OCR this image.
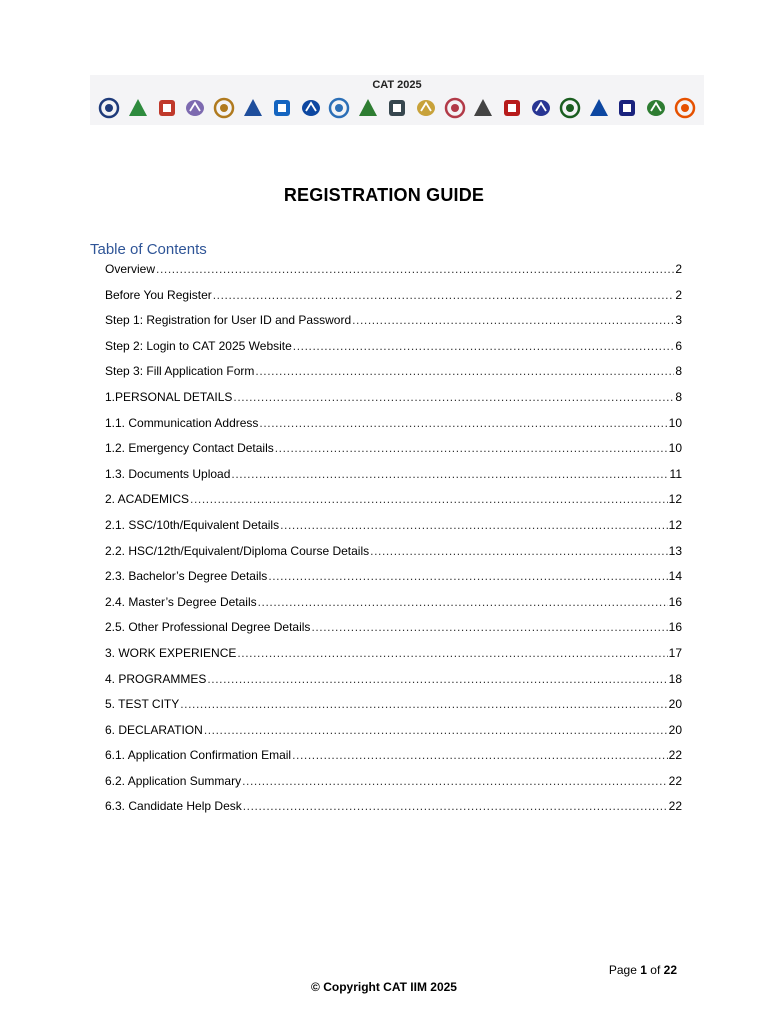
CAT 2025
REGISTRATION GUIDE
Table of Contents
Overview .....	2
Before You Register .....	2
Step 1: Registration for User ID and Password .....	3
Step 2: Login to CAT 2025 Website .....	6
Step 3: Fill Application Form .....	8
1.PERSONAL DETAILS .....	8
1.1. Communication Address .....	10
1.2. Emergency Contact Details .....	10
1.3. Documents Upload .....	11
2. ACADEMICS .....	12
2.1. SSC/10th/Equivalent Details .....	12
2.2. HSC/12th/Equivalent/Diploma Course Details .....	13
2.3. Bachelor’s Degree Details .....	14
2.4. Master’s Degree Details .....	16
2.5. Other Professional Degree Details .....	16
3. WORK EXPERIENCE .....	17
4. PROGRAMMES .....	18
5. TEST CITY .....	20
6. DECLARATION .....	20
6.1. Application Confirmation Email .....	22
6.2. Application Summary .....	22
6.3. Candidate Help Desk .....	22
Page 1 of 22
© Copyright CAT IIM 2025
